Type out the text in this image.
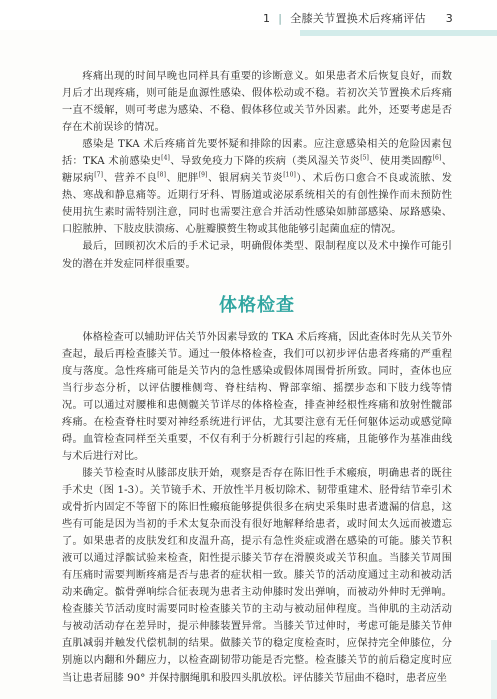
1 | 全膝关节置换术后疼痛评估 3

疼痛出现的时间早晚也同样具有重要的诊断意义。如果患者术后恢复良好，而数月后才出现疼痛，则可能是血源性感染、假体松动或不稳。若初次关节置换术后疼痛一直不缓解，则可考虑为感染、不稳、假体移位或关节外因素。此外，还要考虑是否存在术前误诊的情况。

感染是 TKA 术后疼痛首先要怀疑和排除的因素。应注意感染相关的危险因素包括：TKA 术前感染史[4]、导致免疫力下降的疾病（类风湿关节炎[5]、使用类固醇[6]、糖尿病[7]、营养不良[8]、肥胖[9]、银屑病关节炎[10]）、术后伤口愈合不良或流脓、发热、寒战和静息痛等。近期行牙科、胃肠道或泌尿系统相关的有创性操作而未预防性使用抗生素时需特别注意，同时也需要注意合并活动性感染如肺部感染、尿路感染、口腔脓肿、下肢皮肤溃疡、心脏瓣膜赘生物或其他能够引起菌血症的情况。

最后，回顾初次术后的手术记录，明确假体类型、限制程度以及术中操作可能引发的潜在并发症同样很重要。

体格检查

体格检查可以辅助评估关节外因素导致的 TKA 术后疼痛，因此查体时先从关节外查起，最后再检查膝关节。通过一般体格检查，我们可以初步评估患者疼痛的严重程度与落度。急性疼痛可能是关节内的急性感染或假体周围骨折所致。同时，查体也应当行步态分析，以评估腰椎侧弯、脊柱结构、臀部挛缩、摇摆步态和下肢力线等情况。可以通过对腰椎和患侧髋关节详尽的体格检查，排查神经根性疼痛和放射性髋部疼痛。在检查脊柱时要对神经系统进行评估，尤其要注意有无任何躯体运动或感觉障碍。血管检查同样至关重要，不仅有利于分析踱行引起的疼痛，且能够作为基准曲线与术后进行对比。

膝关节检查时从膝部皮肤开始，观察是否存在陈旧性手术瘢痕，明确患者的既往手术史（图 1-3）。关节镜手术、开放性半月板切除术、韧带重建术、胫骨结节牵引术或骨折内固定不等留下的陈旧性瘢痕能够提供很多在病史采集时患者遗漏的信息，这些有可能是因为当初的手术太复杂而没有很好地解释给患者，或时间太久远而被遗忘了。如果患者的皮肤发红和皮温升高，提示有急性炎症或潜在感染的可能。膝关节积液可以通过浮髌试验来检查，阳性提示膝关节存在滑膜炎或关节积血。当膝关节周围有压痛时需要判断疼痛是否与患者的症状相一致。膝关节的活动度通过主动和被动活动来确定。髌骨弹响综合征表现为患者主动伸膝时发出弹响，而被动外伸时无弹响。检查膝关节活动度时需要同时检查膝关节的主动与被动屈伸程度。当伸肌的主动活动与被动活动存在差异时，提示伸膝装置异常。当膝关节过伸时，考虑可能是膝关节伸直肌减弱并触发代偿机制的结果。做膝关节的稳定度检查时，应保持完全伸膝位，分别施以内翻和外翻应力，以检查副韧带功能是否完整。检查膝关节的前后稳定度时应当让患者屈膝 90° 并保持胭绳肌和股四头肌放松。评估膝关节屈曲不稳时，患者应坐
